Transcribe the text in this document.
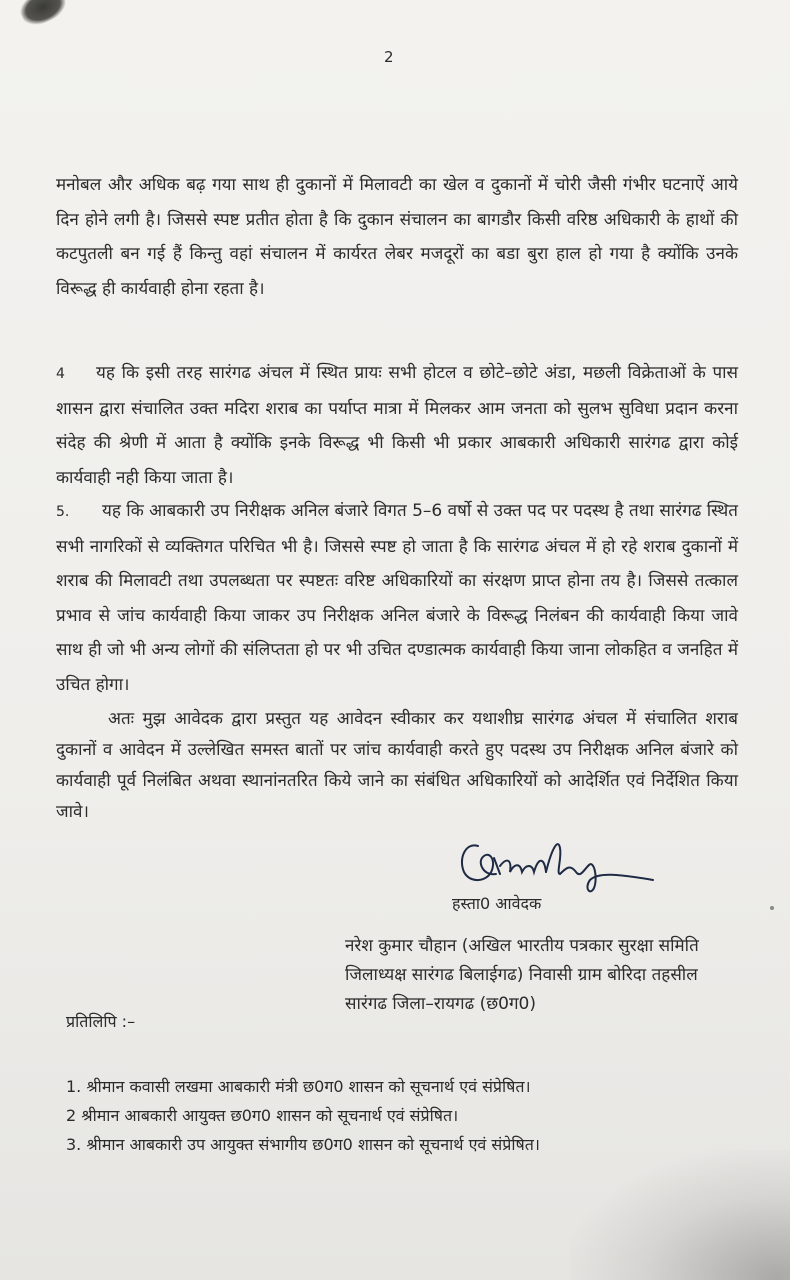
2
मनोबल और अधिक बढ़ गया साथ ही दुकानों में मिलावटी का खेल व दुकानों में चोरी जैसी गंभीर घटनाऐं आये दिन होने लगी है। जिससे स्पष्ट प्रतीत होता है कि दुकान संचालन का बागडौर किसी वरिष्ठ अधिकारी के हाथों की कटपुतली बन गई हैं किन्तु वहां संचालन में कार्यरत लेबर मजदूरों का बडा बुरा हाल हो गया है क्योंकि उनके विरूद्ध ही कार्यवाही होना रहता है।
4 यह कि इसी तरह सारंगढ अंचल में स्थित प्रायः सभी होटल व छोटे–छोटे अंडा, मछली विक्रेताओं के पास शासन द्वारा संचालित उक्त मदिरा शराब का पर्याप्त मात्रा में मिलकर आम जनता को सुलभ सुविधा प्रदान करना संदेह की श्रेणी में आता है क्योंकि इनके विरूद्ध भी किसी भी प्रकार आबकारी अधिकारी सारंगढ द्वारा कोई कार्यवाही नही किया जाता है।
5. यह कि आबकारी उप निरीक्षक अनिल बंजारे विगत 5–6 वर्षो से उक्त पद पर पदस्थ है तथा सारंगढ स्थित सभी नागरिकों से व्यक्तिगत परिचित भी है। जिससे स्पष्ट हो जाता है कि सारंगढ अंचल में हो रहे शराब दुकानों में शराब की मिलावटी तथा उपलब्धता पर स्पष्टतः वरिष्ट अधिकारियों का संरक्षण प्राप्त होना तय है। जिससे तत्काल प्रभाव से जांच कार्यवाही किया जाकर उप निरीक्षक अनिल बंजारे के विरूद्ध निलंबन की कार्यवाही किया जावे साथ ही जो भी अन्य लोगों की संलिप्तता हो पर भी उचित दण्डात्मक कार्यवाही किया जाना लोकहित व जनहित में उचित होगा।
अतः मुझ आवेदक द्वारा प्रस्तुत यह आवेदन स्वीकार कर यथाशीघ्र सारंगढ अंचल में संचालित शराब दुकानों व आवेदन में उल्लेखित समस्त बातों पर जांच कार्यवाही करते हुए पदस्थ उप निरीक्षक अनिल बंजारे को कार्यवाही पूर्व निलंबित अथवा स्थानांनतरित किये जाने का संबंधित अधिकारियों को आदेर्शित एवं निर्देशित किया जावे।
हस्ता0 आवेदक
नरेश कुमार चौहान (अखिल भारतीय पत्रकार सुरक्षा समिति जिलाध्यक्ष सारंगढ बिलाईगढ) निवासी ग्राम बोरिदा तहसील सारंगढ जिला–रायगढ (छ0ग0)
प्रतिलिपि :–
1. श्रीमान कवासी लखमा आबकारी मंत्री छ0ग0 शासन को सूचनार्थ एवं संप्रेषित।
2 श्रीमान आबकारी आयुक्त छ0ग0 शासन को सूचनार्थ एवं संप्रेषित।
3. श्रीमान आबकारी उप आयुक्त संभागीय छ0ग0 शासन को सूचनार्थ एवं संप्रेषित।
